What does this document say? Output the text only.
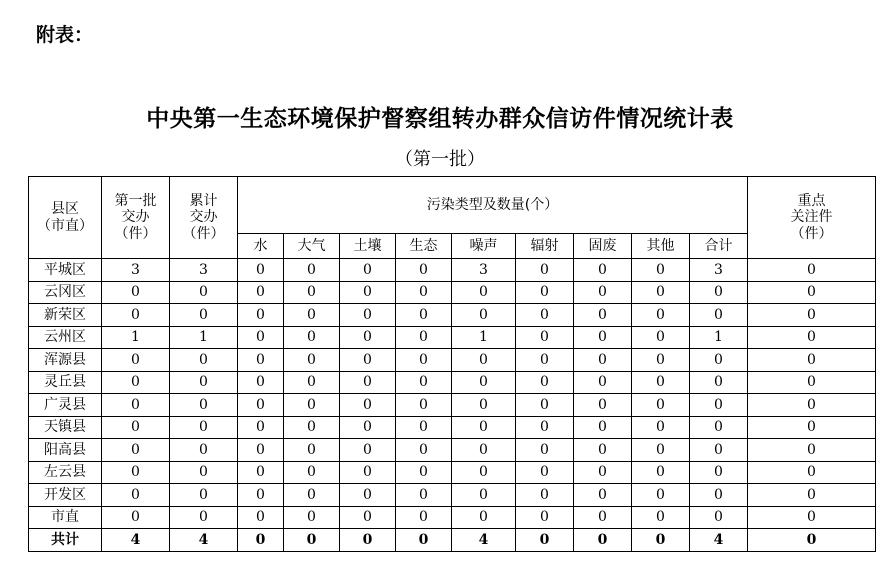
附表：
中央第一生态环境保护督察组转办群众信访件情况统计表
（第一批）
县区
（市直）	第一批
交办
（件）	累计
交办
（件）	污染类型及数量(个）									重点
关注件
（件）
			水	大气	土壤	生态	噪声	辐射	固废	其他	合计	
平城区	3	3	0	0	0	0	3	0	0	0	3	0
云冈区	0	0	0	0	0	0	0	0	0	0	0	0
新荣区	0	0	0	0	0	0	0	0	0	0	0	0
云州区	1	1	0	0	0	0	1	0	0	0	1	0
浑源县	0	0	0	0	0	0	0	0	0	0	0	0
灵丘县	0	0	0	0	0	0	0	0	0	0	0	0
广灵县	0	0	0	0	0	0	0	0	0	0	0	0
天镇县	0	0	0	0	0	0	0	0	0	0	0	0
阳高县	0	0	0	0	0	0	0	0	0	0	0	0
左云县	0	0	0	0	0	0	0	0	0	0	0	0
开发区	0	0	0	0	0	0	0	0	0	0	0	0
市直	0	0	0	0	0	0	0	0	0	0	0	0
共计	4	4	0	0	0	0	4	0	0	0	4	0
